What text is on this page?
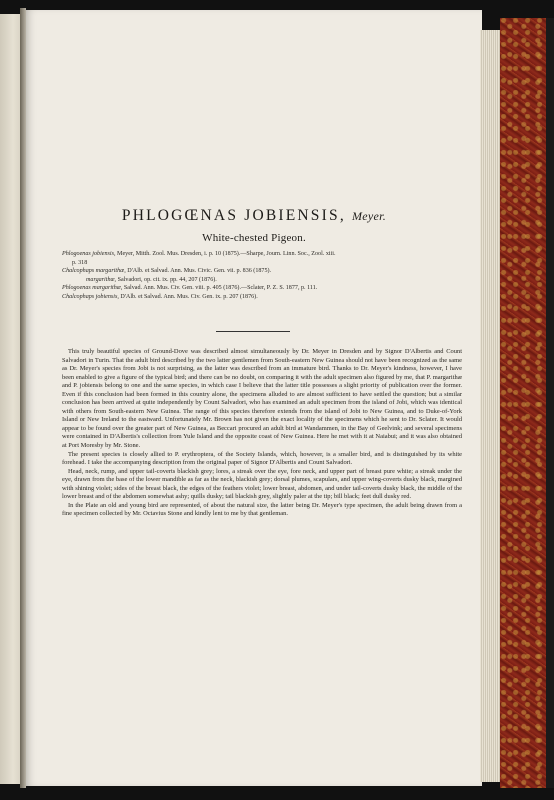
PHLOGŒNAS JOBIENSIS, Meyer.
White-chested Pigeon.
Phlogoenas jobiensis, Meyer, Mitth. Zool. Mus. Dresden, i. p. 10 (1875).—Sharpe, Journ. Linn. Soc., Zool. xiii.
p. 318
Chalcophaps margarithæ, D'Alb. et Salvad. Ann. Mus. Civic. Gen. vii. p. 836 (1875).
margarithæ, Salvadori, op. cit. ix. pp. 44, 207 (1876).
Phlogoenas margarithæ, Salvad. Ann. Mus. Civ. Gen. viii. p. 405 (1876).—Sclater, P. Z. S. 1877, p. 111.
Chalcophaps jobiensis, D'Alb. et Salvad. Ann. Mus. Civ. Gen. ix. p. 207 (1876).

This truly beautiful species of Ground-Dove was described almost simultaneously by Dr. Meyer in Dresden and by Signor D'Albertis and Count Salvadori in Turin. That the adult bird described by the two latter gentlemen from South-eastern New Guinea should not have been recognized as the same as Dr. Meyer's species from Jobi is not surprising, as the latter was described from an immature bird. Thanks to Dr. Meyer's kindness, however, I have been enabled to give a figure of the typical bird; and there can be no doubt, on comparing it with the adult specimen also figured by me, that P. margarithæ and P. jobiensis belong to one and the same species, in which case I believe that the latter title possesses a slight priority of publication over the former. Even if this conclusion had been formed in this country alone, the specimens alluded to are almost sufficient to have settled the question; but a similar conclusion has been arrived at quite independently by Count Salvadori, who has examined an adult specimen from the island of Jobi, which was identical with others from South-eastern New Guinea. The range of this species therefore extends from the island of Jobi to New Guinea, and to Duke-of-York Island or New Ireland to the eastward. Unfortunately Mr. Brown has not given the exact locality of the specimens which he sent to Dr. Sclater. It would appear to be found over the greater part of New Guinea, as Beccari procured an adult bird at Wandammen, in the Bay of Geelvink; and several specimens were contained in D'Albertis's collection from Yule Island and the opposite coast of New Guinea. Here he met with it at Naiabui; and it was also obtained at Port Moresby by Mr. Stone.

The present species is closely allied to P. erythroptera, of the Society Islands, which, however, is a smaller bird, and is distinguished by its white forehead. I take the accompanying description from the original paper of Signor D'Albertis and Count Salvadori.

Head, neck, rump, and upper tail-coverts blackish grey; lores, a streak over the eye, fore neck, and upper part of breast pure white; a streak under the eye, drawn from the base of the lower mandible as far as the neck, blackish grey; dorsal plumes, scapulars, and upper wing-coverts dusky black, margined with shining violet; sides of the breast black, the edges of the feathers violet; lower breast, abdomen, and under tail-coverts dusky black, the middle of the lower breast and of the abdomen somewhat ashy; quills dusky; tail blackish grey, slightly paler at the tip; bill black; feet dull dusky red.

In the Plate an old and young bird are represented, of about the natural size, the latter being Dr. Meyer's type specimen, the adult being drawn from a fine specimen collected by Mr. Octavius Stone and kindly lent to me by that gentleman.
